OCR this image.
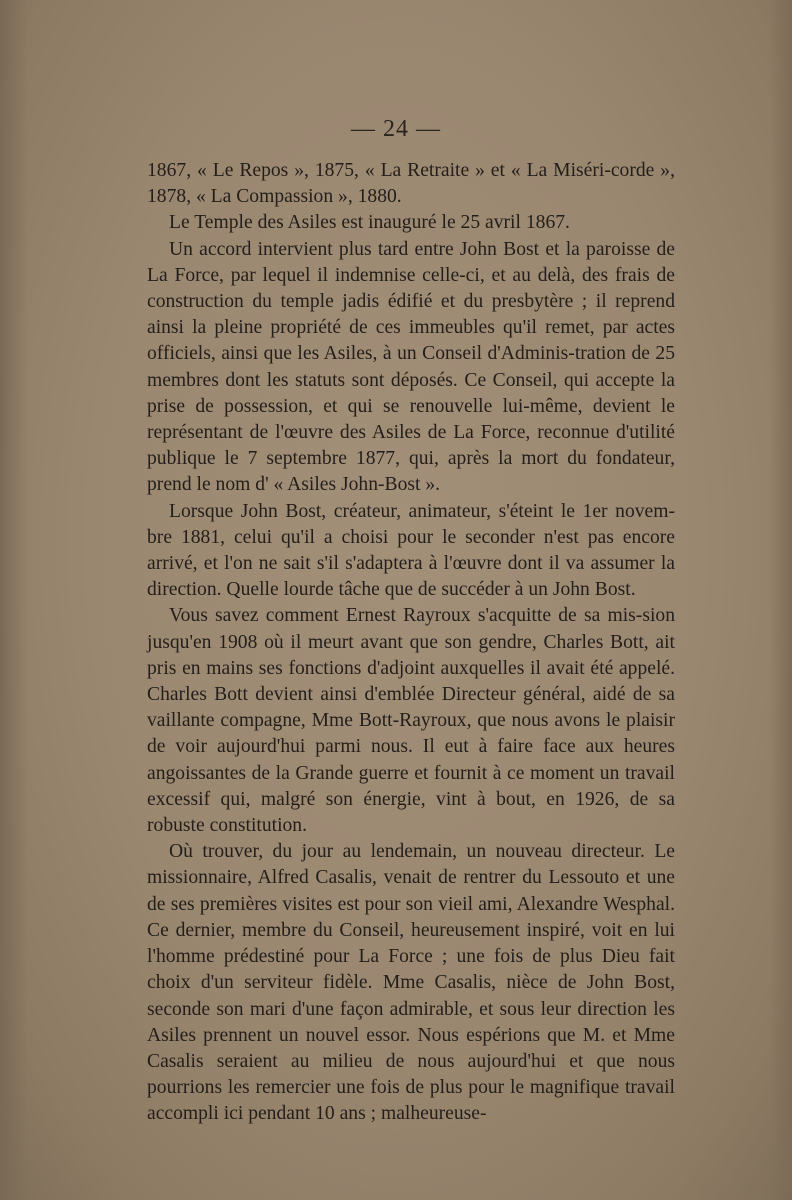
— 24 —

1867, « Le Repos », 1875, « La Retraite » et « La Miséri-corde », 1878, « La Compassion », 1880.

Le Temple des Asiles est inauguré le 25 avril 1867.

Un accord intervient plus tard entre John Bost et la paroisse de La Force, par lequel il indemnise celle-ci, et au delà, des frais de construction du temple jadis édifié et du presbytère ; il reprend ainsi la pleine propriété de ces immeubles qu'il remet, par actes officiels, ainsi que les Asiles, à un Conseil d'Adminis-tration de 25 membres dont les statuts sont déposés. Ce Conseil, qui accepte la prise de possession, et qui se renouvelle lui-même, devient le représentant de l'œuvre des Asiles de La Force, reconnue d'utilité publique le 7 septembre 1877, qui, après la mort du fondateur, prend le nom d' « Asiles John-Bost ».

Lorsque John Bost, créateur, animateur, s'éteint le 1er novem-bre 1881, celui qu'il a choisi pour le seconder n'est pas encore arrivé, et l'on ne sait s'il s'adaptera à l'œuvre dont il va assumer la direction. Quelle lourde tâche que de succéder à un John Bost.

Vous savez comment Ernest Rayroux s'acquitte de sa mis-sion jusqu'en 1908 où il meurt avant que son gendre, Charles Bott, ait pris en mains ses fonctions d'adjoint auxquelles il avait été appelé. Charles Bott devient ainsi d'emblée Directeur général, aidé de sa vaillante compagne, Mme Bott-Rayroux, que nous avons le plaisir de voir aujourd'hui parmi nous. Il eut à faire face aux heures angoissantes de la Grande guerre et fournit à ce moment un travail excessif qui, malgré son énergie, vint à bout, en 1926, de sa robuste constitution.

Où trouver, du jour au lendemain, un nouveau directeur. Le missionnaire, Alfred Casalis, venait de rentrer du Lessouto et une de ses premières visites est pour son vieil ami, Alexandre Wesphal. Ce dernier, membre du Conseil, heureusement inspiré, voit en lui l'homme prédestiné pour La Force ; une fois de plus Dieu fait choix d'un serviteur fidèle. Mme Casalis, nièce de John Bost, seconde son mari d'une façon admirable, et sous leur direction les Asiles prennent un nouvel essor. Nous espérions que M. et Mme Casalis seraient au milieu de nous aujourd'hui et que nous pourrions les remercier une fois de plus pour le magnifique travail accompli ici pendant 10 ans ; malheureuse-
